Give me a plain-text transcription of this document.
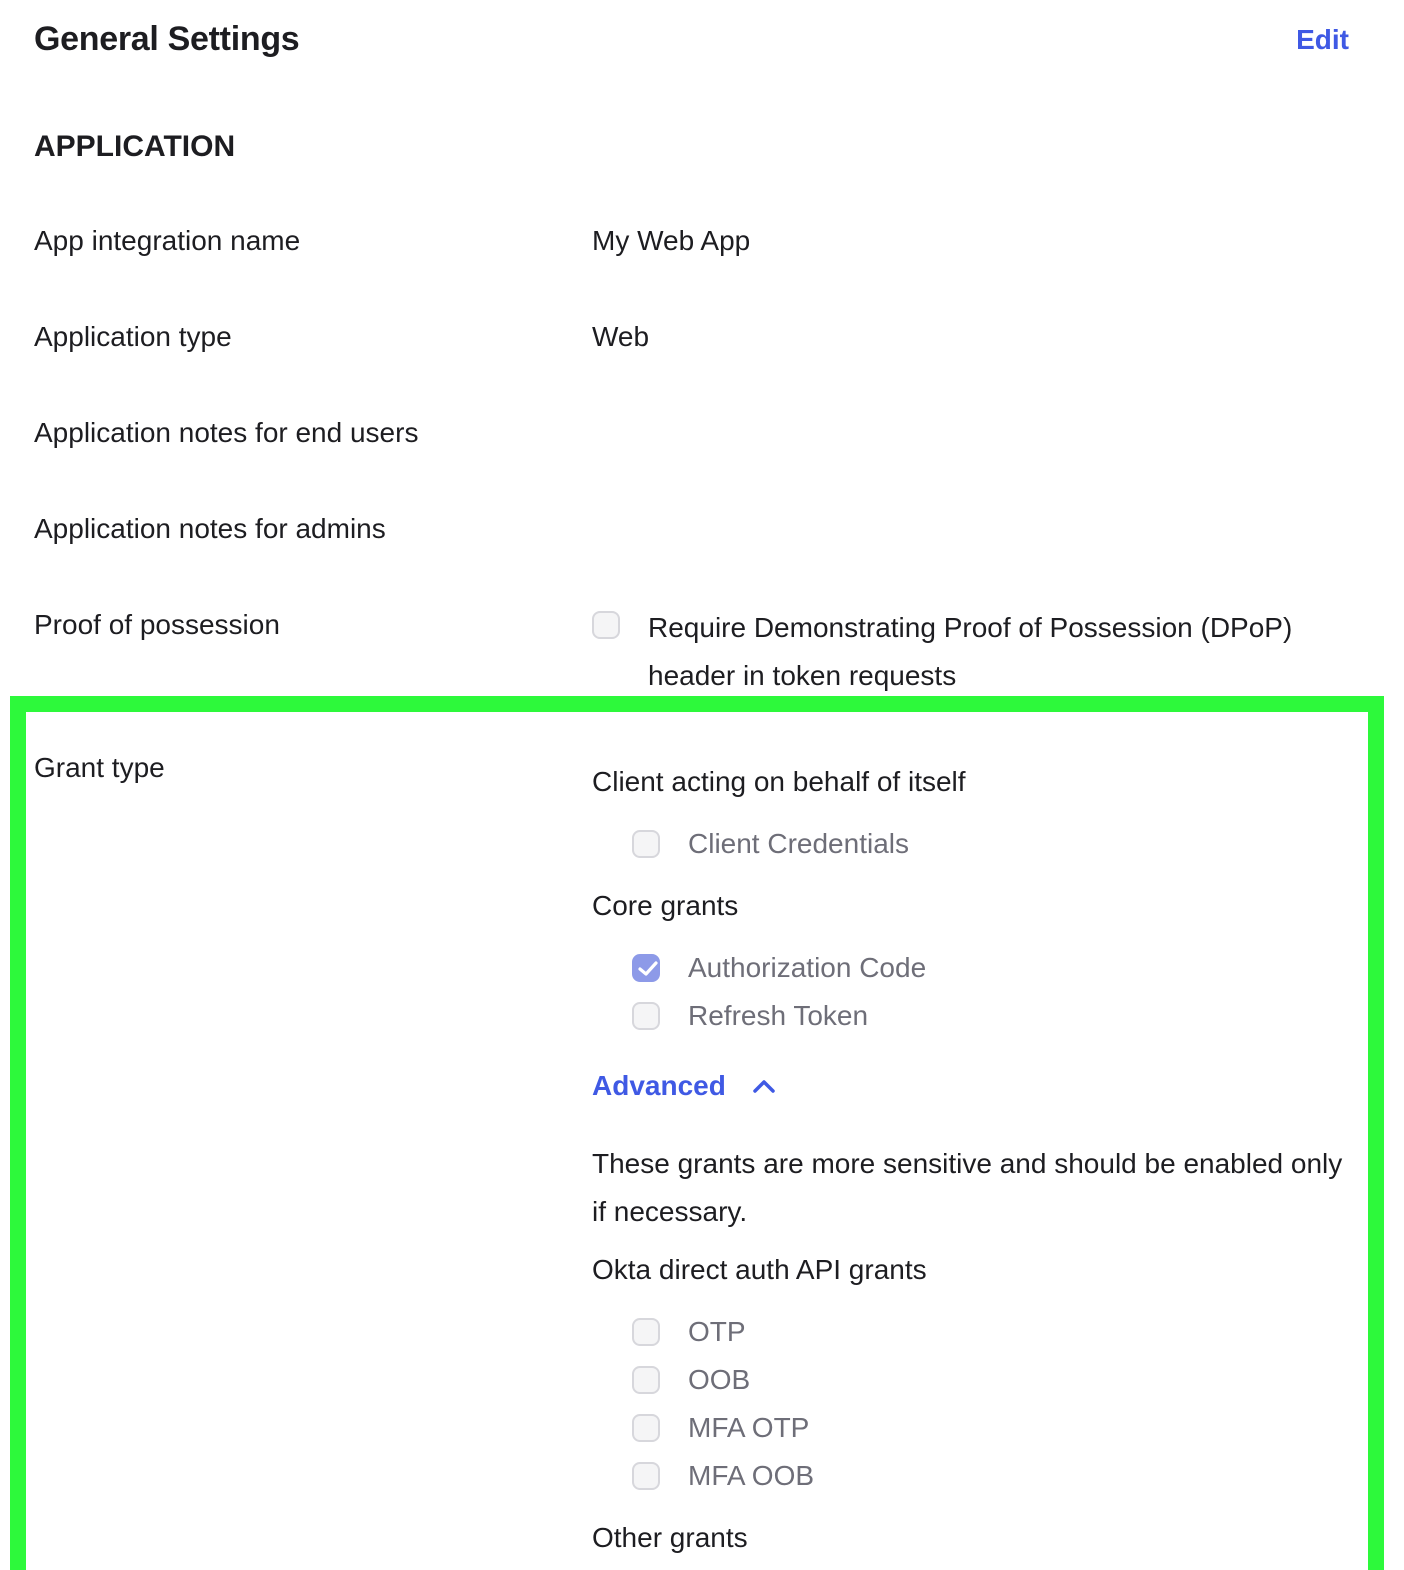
General Settings	Edit
APPLICATION
App integration name	My Web App
Application type	Web
Application notes for end users
Application notes for admins
Proof of possession	Require Demonstrating Proof of Possession (DPoP) header in token requests
Grant type	Client acting on behalf of itself
Client Credentials
Core grants
Authorization Code
Refresh Token
Advanced
These grants are more sensitive and should be enabled only if necessary.
Okta direct auth API grants
OTP
OOB
MFA OTP
MFA OOB
Other grants
